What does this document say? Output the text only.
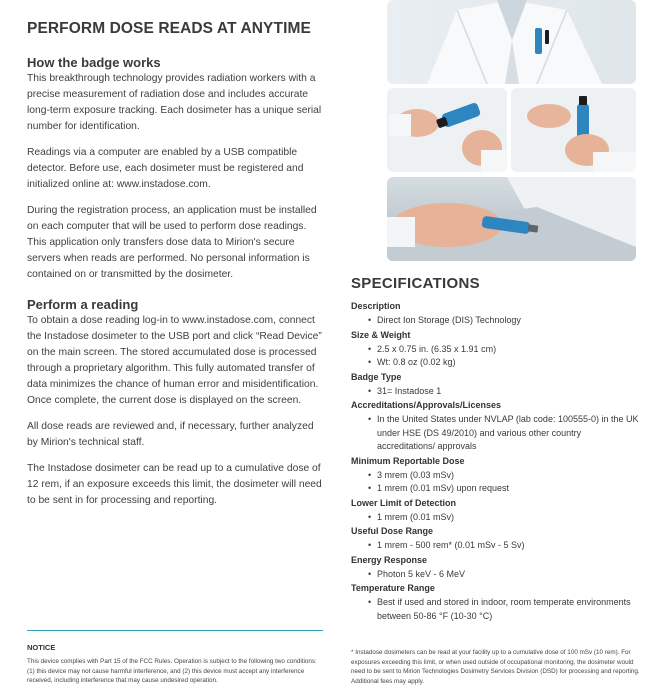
PERFORM DOSE READS AT ANYTIME
How the badge works

This breakthrough technology provides radiation workers with a precise measurement of radiation dose and includes accurate long-term exposure tracking. Each dosimeter has a unique serial number for identification.

Readings via a computer are enabled by a USB compatible detector. Before use, each dosimeter must be registered and initialized online at: www.instadose.com.

During the registration process, an application must be installed on each computer that will be used to perform dose readings. This application only transfers dose data to Mirion's secure servers when reads are performed. No personal information is contained on or transmitted by the dosimeter.

Perform a reading

To obtain a dose reading log-in to www.instadose.com, connect the Instadose dosimeter to the USB port and click “Read Device” on the main screen. The stored accumulated dose is processed through a proprietary algorithm. This fully automated transfer of data minimizes the chance of human error and misidentification. Once complete, the current dose is displayed on the screen.

All dose reads are reviewed and, if necessary, further analyzed by Mirion's technical staff.

The Instadose dosimeter can be read up to a cumulative dose of 12 rem, if an exposure exceeds this limit, the dosimeter will need to be sent in for processing and reporting.

SPECIFICATIONS

Description

• Direct Ion Storage (DIS) Technology

Size & Weight

• 2.5 x 0.75 in. (6.35 x 1.91 cm)

• Wt: 0.8 oz (0.02 kg)

Badge Type

• 31= Instadose 1

Accreditations/Approvals/Licenses

• In the United States under NVLAP (lab code: 100555-0) in the UK under HSE (DS 49/2010) and various other country accreditations/ approvals

Minimum Reportable Dose

• 3 mrem (0.03 mSv)

• 1 mrem (0.01 mSv) upon request

Lower Limit of Detection

• 1 mrem (0.01 mSv)

Useful Dose Range

• 1 mrem - 500 rem* (0.01 mSv - 5 Sv)

Energy Response

• Photon 5 keV - 6 MeV

Temperature Range

• Best if used and stored in indoor, room temperate environments between 50-86 °F (10-30 °C)

NOTICE

This device complies with Part 15 of the FCC Rules. Operation is subject to the following two conditions: (1) this device may not cause harmful interference, and (2) this device must accept any interference received, including interference that may cause undesired operation.

* Instadose dosimeters can be read at your facility up to a cumulative dose of 100 mSv (10 rem). For exposures exceeding this limit, or when used outside of occupational monitoring, the dosimeter would need to be sent to Mirion Technologies Dosimetry Services Division (DSD) for processing and reporting. Additional fees may apply.
